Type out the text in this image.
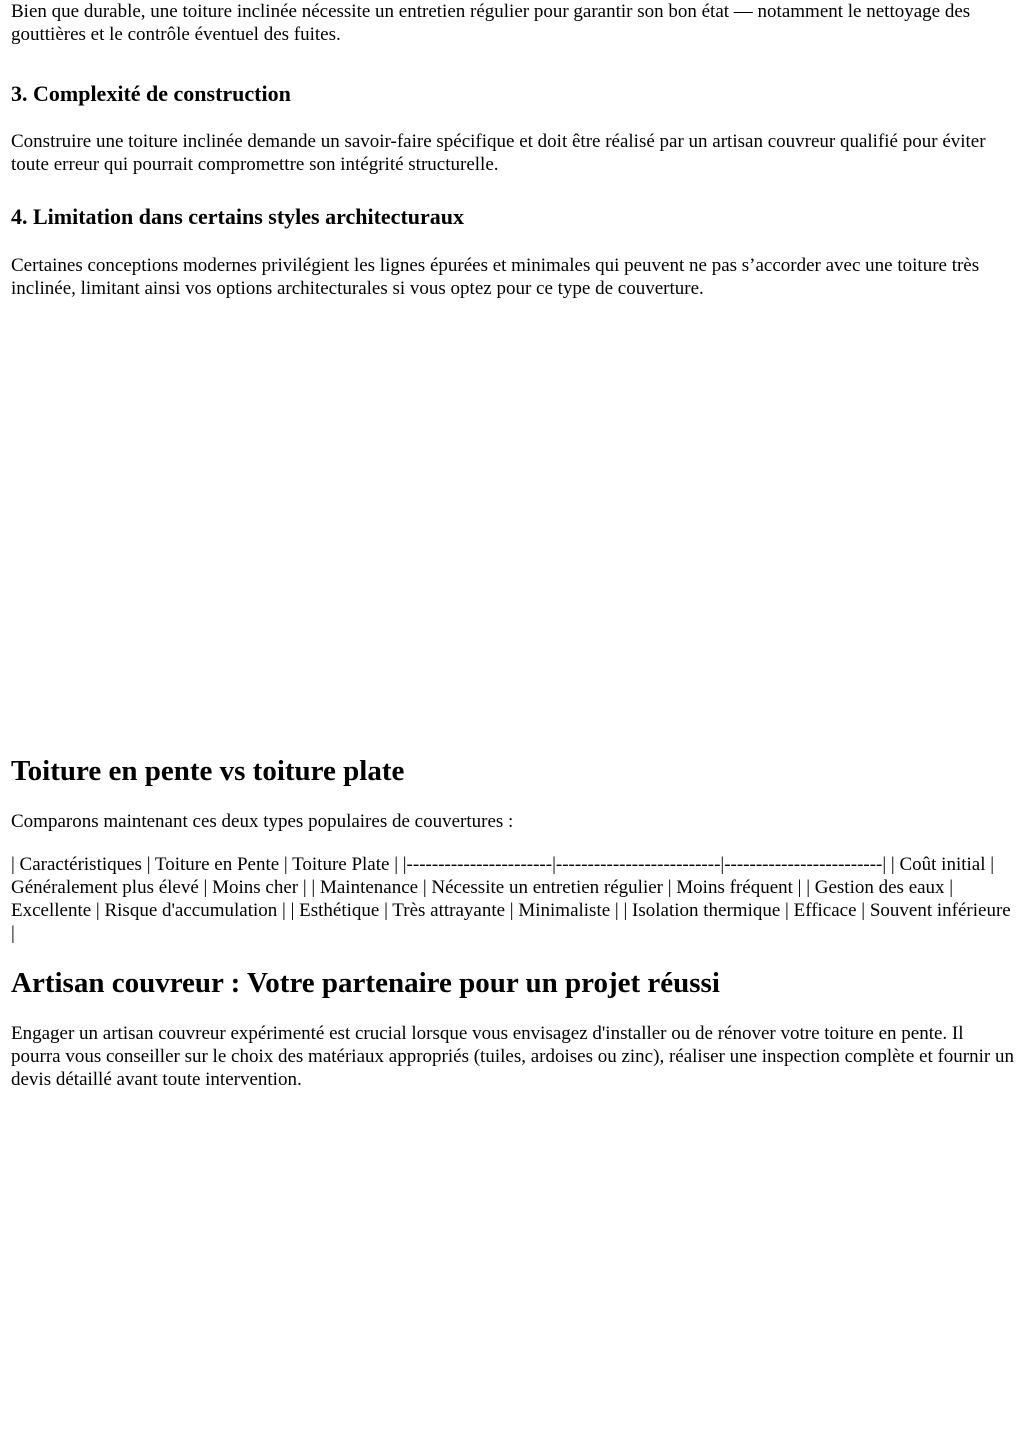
Bien que durable, une toiture inclinée nécessite un entretien régulier pour garantir son bon état — notamment le nettoyage des gouttières et le contrôle éventuel des fuites.

3. Complexité de construction

Construire une toiture inclinée demande un savoir-faire spécifique et doit être réalisé par un artisan couvreur qualifié pour éviter toute erreur qui pourrait compromettre son intégrité structurelle.

4. Limitation dans certains styles architecturaux

Certaines conceptions modernes privilégient les lignes épurées et minimales qui peuvent ne pas s’accorder avec une toiture très inclinée, limitant ainsi vos options architecturales si vous optez pour ce type de couverture.

Toiture en pente vs toiture plate

Comparons maintenant ces deux types populaires de couvertures :

| Caractéristiques | Toiture en Pente | Toiture Plate | |-----------------------|--------------------------|-------------------------| | Coût initial | Généralement plus élevé | Moins cher | | Maintenance | Nécessite un entretien régulier | Moins fréquent | | Gestion des eaux | Excellente | Risque d'accumulation | | Esthétique | Très attrayante | Minimaliste | | Isolation thermique | Efficace | Souvent inférieure |

Artisan couvreur : Votre partenaire pour un projet réussi

Engager un artisan couvreur expérimenté est crucial lorsque vous envisagez d'installer ou de rénover votre toiture en pente. Il pourra vous conseiller sur le choix des matériaux appropriés (tuiles, ardoises ou zinc), réaliser une inspection complète et fournir un devis détaillé avant toute intervention.
